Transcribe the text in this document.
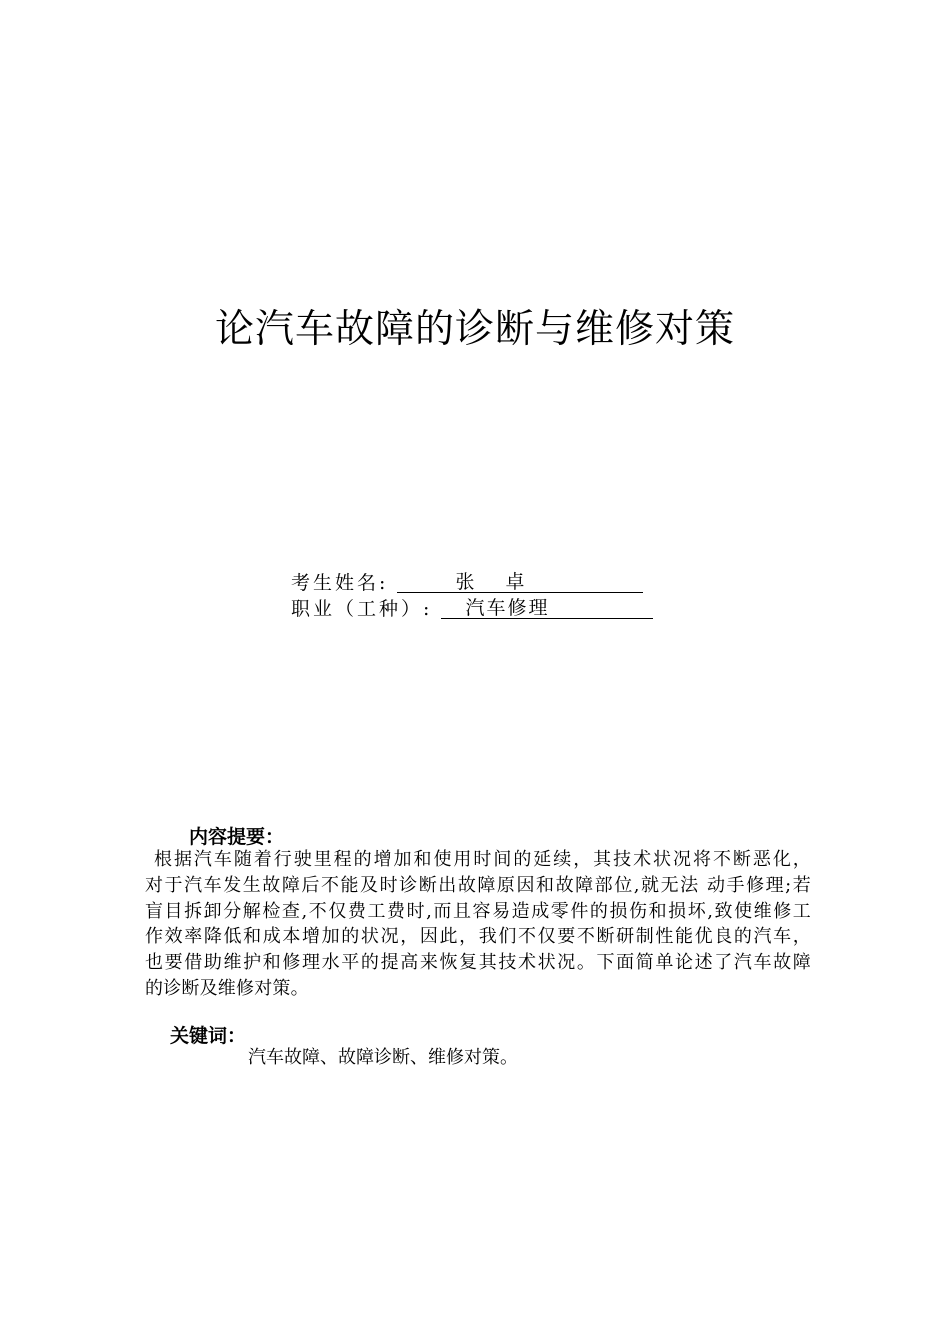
论汽车故障的诊断与维修对策
考生姓名:	张　 卓
职业（工种）: 汽车修理
内容提要：
根据汽车随着行驶里程的增加和使用时间的延续，其技术状况将不断恶化，
对于汽车发生故障后不能及时诊断出故障原因和故障部位,就无法 动手修理;若
盲目拆卸分解检查,不仅费工费时,而且容易造成零件的损伤和损坏,致使维修工
作效率降低和成本增加的状况，因此，我们不仅要不断研制性能优良的汽车，
也要借助维护和修理水平的提高来恢复其技术状况。下面简单论述了汽车故障
的诊断及维修对策。
关键词：
汽车故障、故障诊断、维修对策。
